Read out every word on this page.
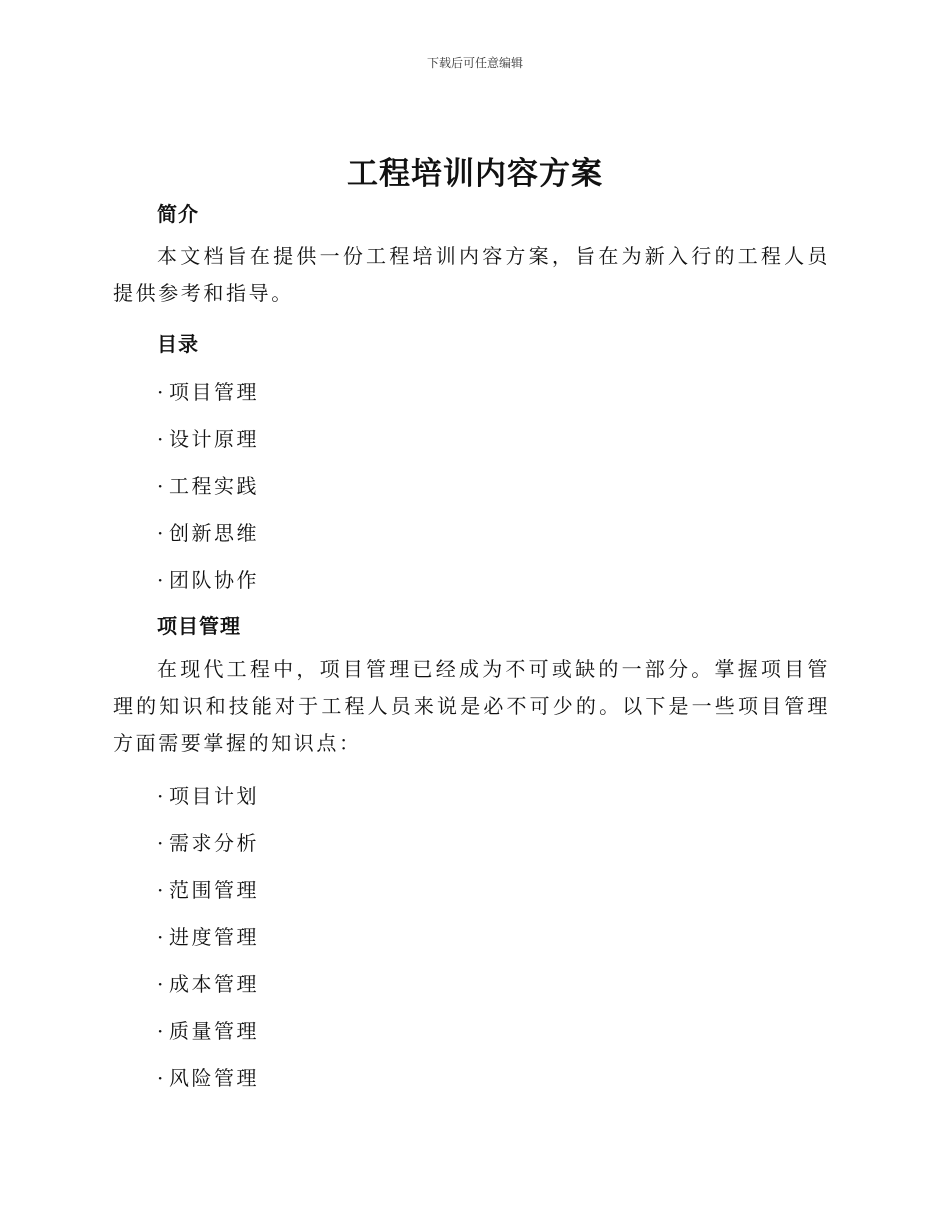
下载后可任意编辑
工程培训内容方案
简介
本文档旨在提供一份工程培训内容方案，旨在为新入行的工程人员提供参考和指导。
目录
· 项目管理
· 设计原理
· 工程实践
· 创新思维
· 团队协作
项目管理
在现代工程中，项目管理已经成为不可或缺的一部分。掌握项目管理的知识和技能对于工程人员来说是必不可少的。以下是一些项目管理方面需要掌握的知识点：
· 项目计划
· 需求分析
· 范围管理
· 进度管理
· 成本管理
· 质量管理
· 风险管理
